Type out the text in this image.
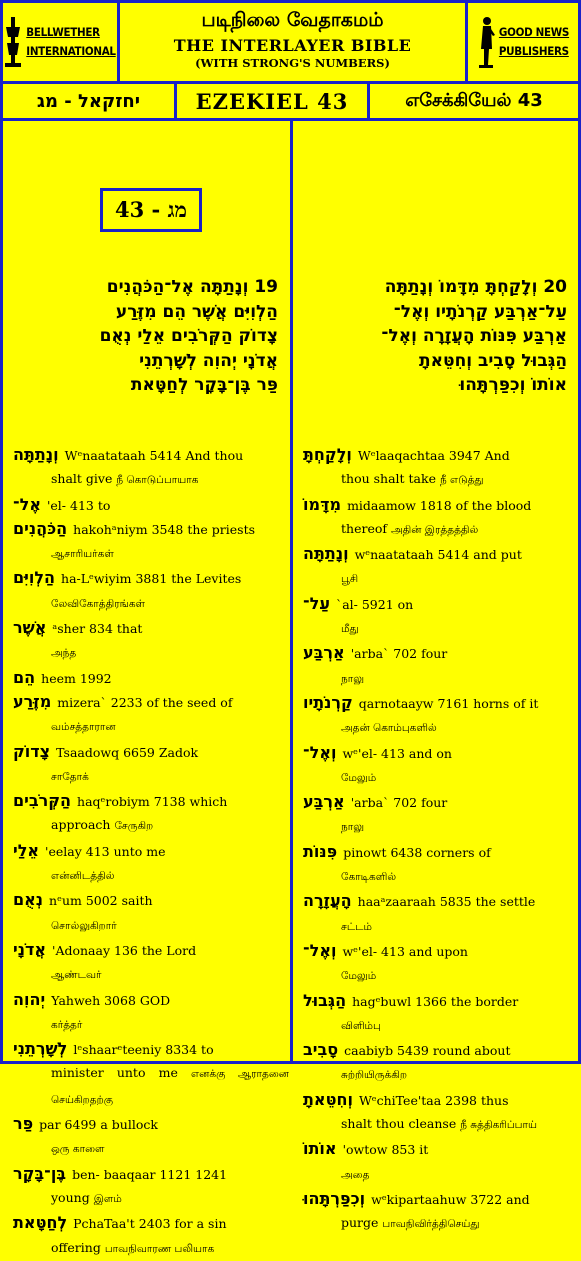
BELLWETHER
INTERNATIONAL
படிநிலை வேதாகமம்
THE INTERLAYER BIBLE
(WITH STRONG'S NUMBERS)
GOOD NEWS
PUBLISHERS
יחזקאל - מג	EZEKIEL 43	எசேக்கியேல் 43
מג - 43
19 וְנָתַתָּה אֶל־הַכֹּהֲנִים
הַלְוִיִּם אֲשֶׁר הֵם מִזֶּרַע
צָדוֹק הַקְּרֹבִים אֵלַי נְאֻם
אֲדֹנָי יְהוִה לְשָׁרְתֵנִי
פַּר בֶּן־בָּקָר לְחַטָּאת
20 וְלָקַחְתָּ מִדָּמוֹ וְנָתַתָּה
עַל־אַרְבַּע קַרְנֹתָיו וְאֶל־
אַרְבַּע פִּנּוֹת הָעֲזָרָה וְאֶל־
הַגְּבוּל סָבִיב וְחִטֵּאתָ
אוֹתוֹ וְכִפַּרְתָּהוּ
וְנָתַתָּה Wᵉnaatataah 5414 And thou
shalt give நீ கொடுப்பாயாக
אֶל־ 'el- 413 to
הַכֹּהֲנִים hakohᵃniym 3548 the priests
ஆசாரியர்கள்
הַלְוִיִּם ha-Lᵉwiyim 3881 the Levites
லேவிகோத்திரங்கள்
אֲשֶׁר ᵃsher 834 that
அந்த
הֵם heem 1992
מִזֶּרַע mizera` 2233 of the seed of
வம்சத்தாரான
צָדוֹק Tsaadowq 6659 Zadok
சாதோக்
הַקְּרֹבִים haqᵉrobiym 7138 which
approach சேருகிற
אֵלַי 'eelay 413 unto me
என்னிடத்தில்
נְאֻם nᵉum 5002 saith
சொல்லுகிறார்
אֲדֹנָי 'Adonaay 136 the Lord
ஆண்டவர்
יְהוִה Yahweh 3068 GOD
கர்த்தர்
לְשָׁרְתֵנִי lᵉshaarᵉteeniy 8334 to
minister unto me எனக்கு ஆராதனை செய்கிறதற்கு
פַּר par 6499 a bullock
ஒரு காளை
בֶּן־בָּקָר ben- baaqaar 1121 1241
young இளம்
לְחַטָּאת PchaTaa't 2403 for a sin
offering பாவநிவாரண பலியாக
וְלָקַחְתָּ Wᵉlaaqachtaa 3947 And
thou shalt take நீ எடுத்து
מִדָּמוֹ midaamow 1818 of the blood
thereof அதின் இரத்தத்தில்
וְנָתַתָּה wᵉnaatataah 5414 and put
பூசி
עַל־ `al- 5921 on
மீது
אַרְבַּע 'arba` 702 four
நாலு
קַרְנֹתָיו qarnotaayw 7161 horns of it
அதன் கொம்புகளில்
וְאֶל־ wᵉ'el- 413 and on
மேலும்
אַרְבַּע 'arba` 702 four
நாலு
פִּנּוֹת pinowt 6438 corners of
கோடிகளில்
הָעֲזָרָה haaᵃzaaraah 5835 the settle
சட்டம்
וְאֶל־ wᵉ'el- 413 and upon
மேலும்
הַגְּבוּל hagᵉbuwl 1366 the border
விளிம்பு
סָבִיב caabiyb 5439 round about
சுற்றியிருக்கிற
וְחִטֵּאתָ WᵉchiTee'taa 2398 thus
shalt thou cleanse நீ சுத்திகரிப்பாய்
אוֹתוֹ 'owtow 853 it
அதை
וְכִפַּרְתָּהוּ wᵉkipartaahuw 3722 and
purge பாவநிவிர்த்திசெய்து
